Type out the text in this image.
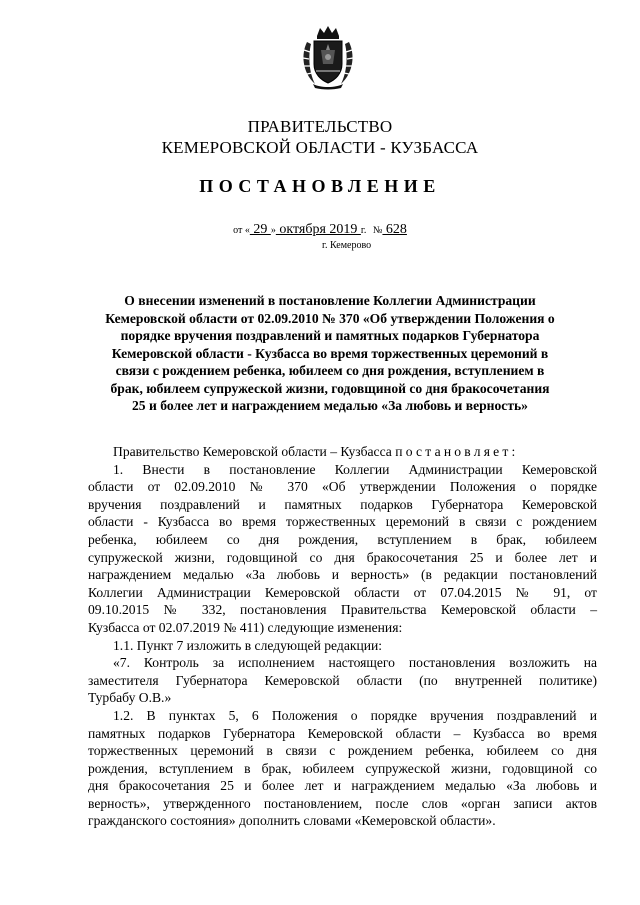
ПРАВИТЕЛЬСТВО
КЕМЕРОВСКОЙ ОБЛАСТИ - КУЗБАССА
ПОСТАНОВЛЕНИЕ
от « 29 » октября 2019 г. № 628
г. Кемерово
О внесении изменений в постановление Коллегии Администрации
Кемеровской области от 02.09.2010 № 370 «Об утверждении Положения о
порядке вручения поздравлений и памятных подарков Губернатора
Кемеровской области - Кузбасса во время торжественных церемоний в
связи с рождением ребенка, юбилеем со дня рождения, вступлением в
брак, юбилеем супружеской жизни, годовщиной со дня бракосочетания
25 и более лет и награждением медалью «За любовь и верность»
Правительство Кемеровской области – Кузбасса постановляет:
1. Внести в постановление Коллегии Администрации Кемеровской
области от 02.09.2010 № 370 «Об утверждении Положения о порядке
вручения поздравлений и памятных подарков Губернатора Кемеровской
области - Кузбасса во время торжественных церемоний в связи с рождением
ребенка, юбилеем со дня рождения, вступлением в брак, юбилеем
супружеской жизни, годовщиной со дня бракосочетания 25 и более лет и
награждением медалью «За любовь и верность» (в редакции постановлений
Коллегии Администрации Кемеровской области от 07.04.2015 № 91, от
09.10.2015 № 332, постановления Правительства Кемеровской области –
Кузбасса от 02.07.2019 № 411) следующие изменения:
1.1. Пункт 7 изложить в следующей редакции:
«7. Контроль за исполнением настоящего постановления возложить на
заместителя Губернатора Кемеровской области (по внутренней политике)
Турбабу О.В.»
1.2. В пунктах 5, 6 Положения о порядке вручения поздравлений и
памятных подарков Губернатора Кемеровской области – Кузбасса во время
торжественных церемоний в связи с рождением ребенка, юбилеем со дня
рождения, вступлением в брак, юбилеем супружеской жизни, годовщиной со
дня бракосочетания 25 и более лет и награждением медалью «За любовь и
верность», утвержденного постановлением, после слов «орган записи актов
гражданского состояния» дополнить словами «Кемеровской области».
